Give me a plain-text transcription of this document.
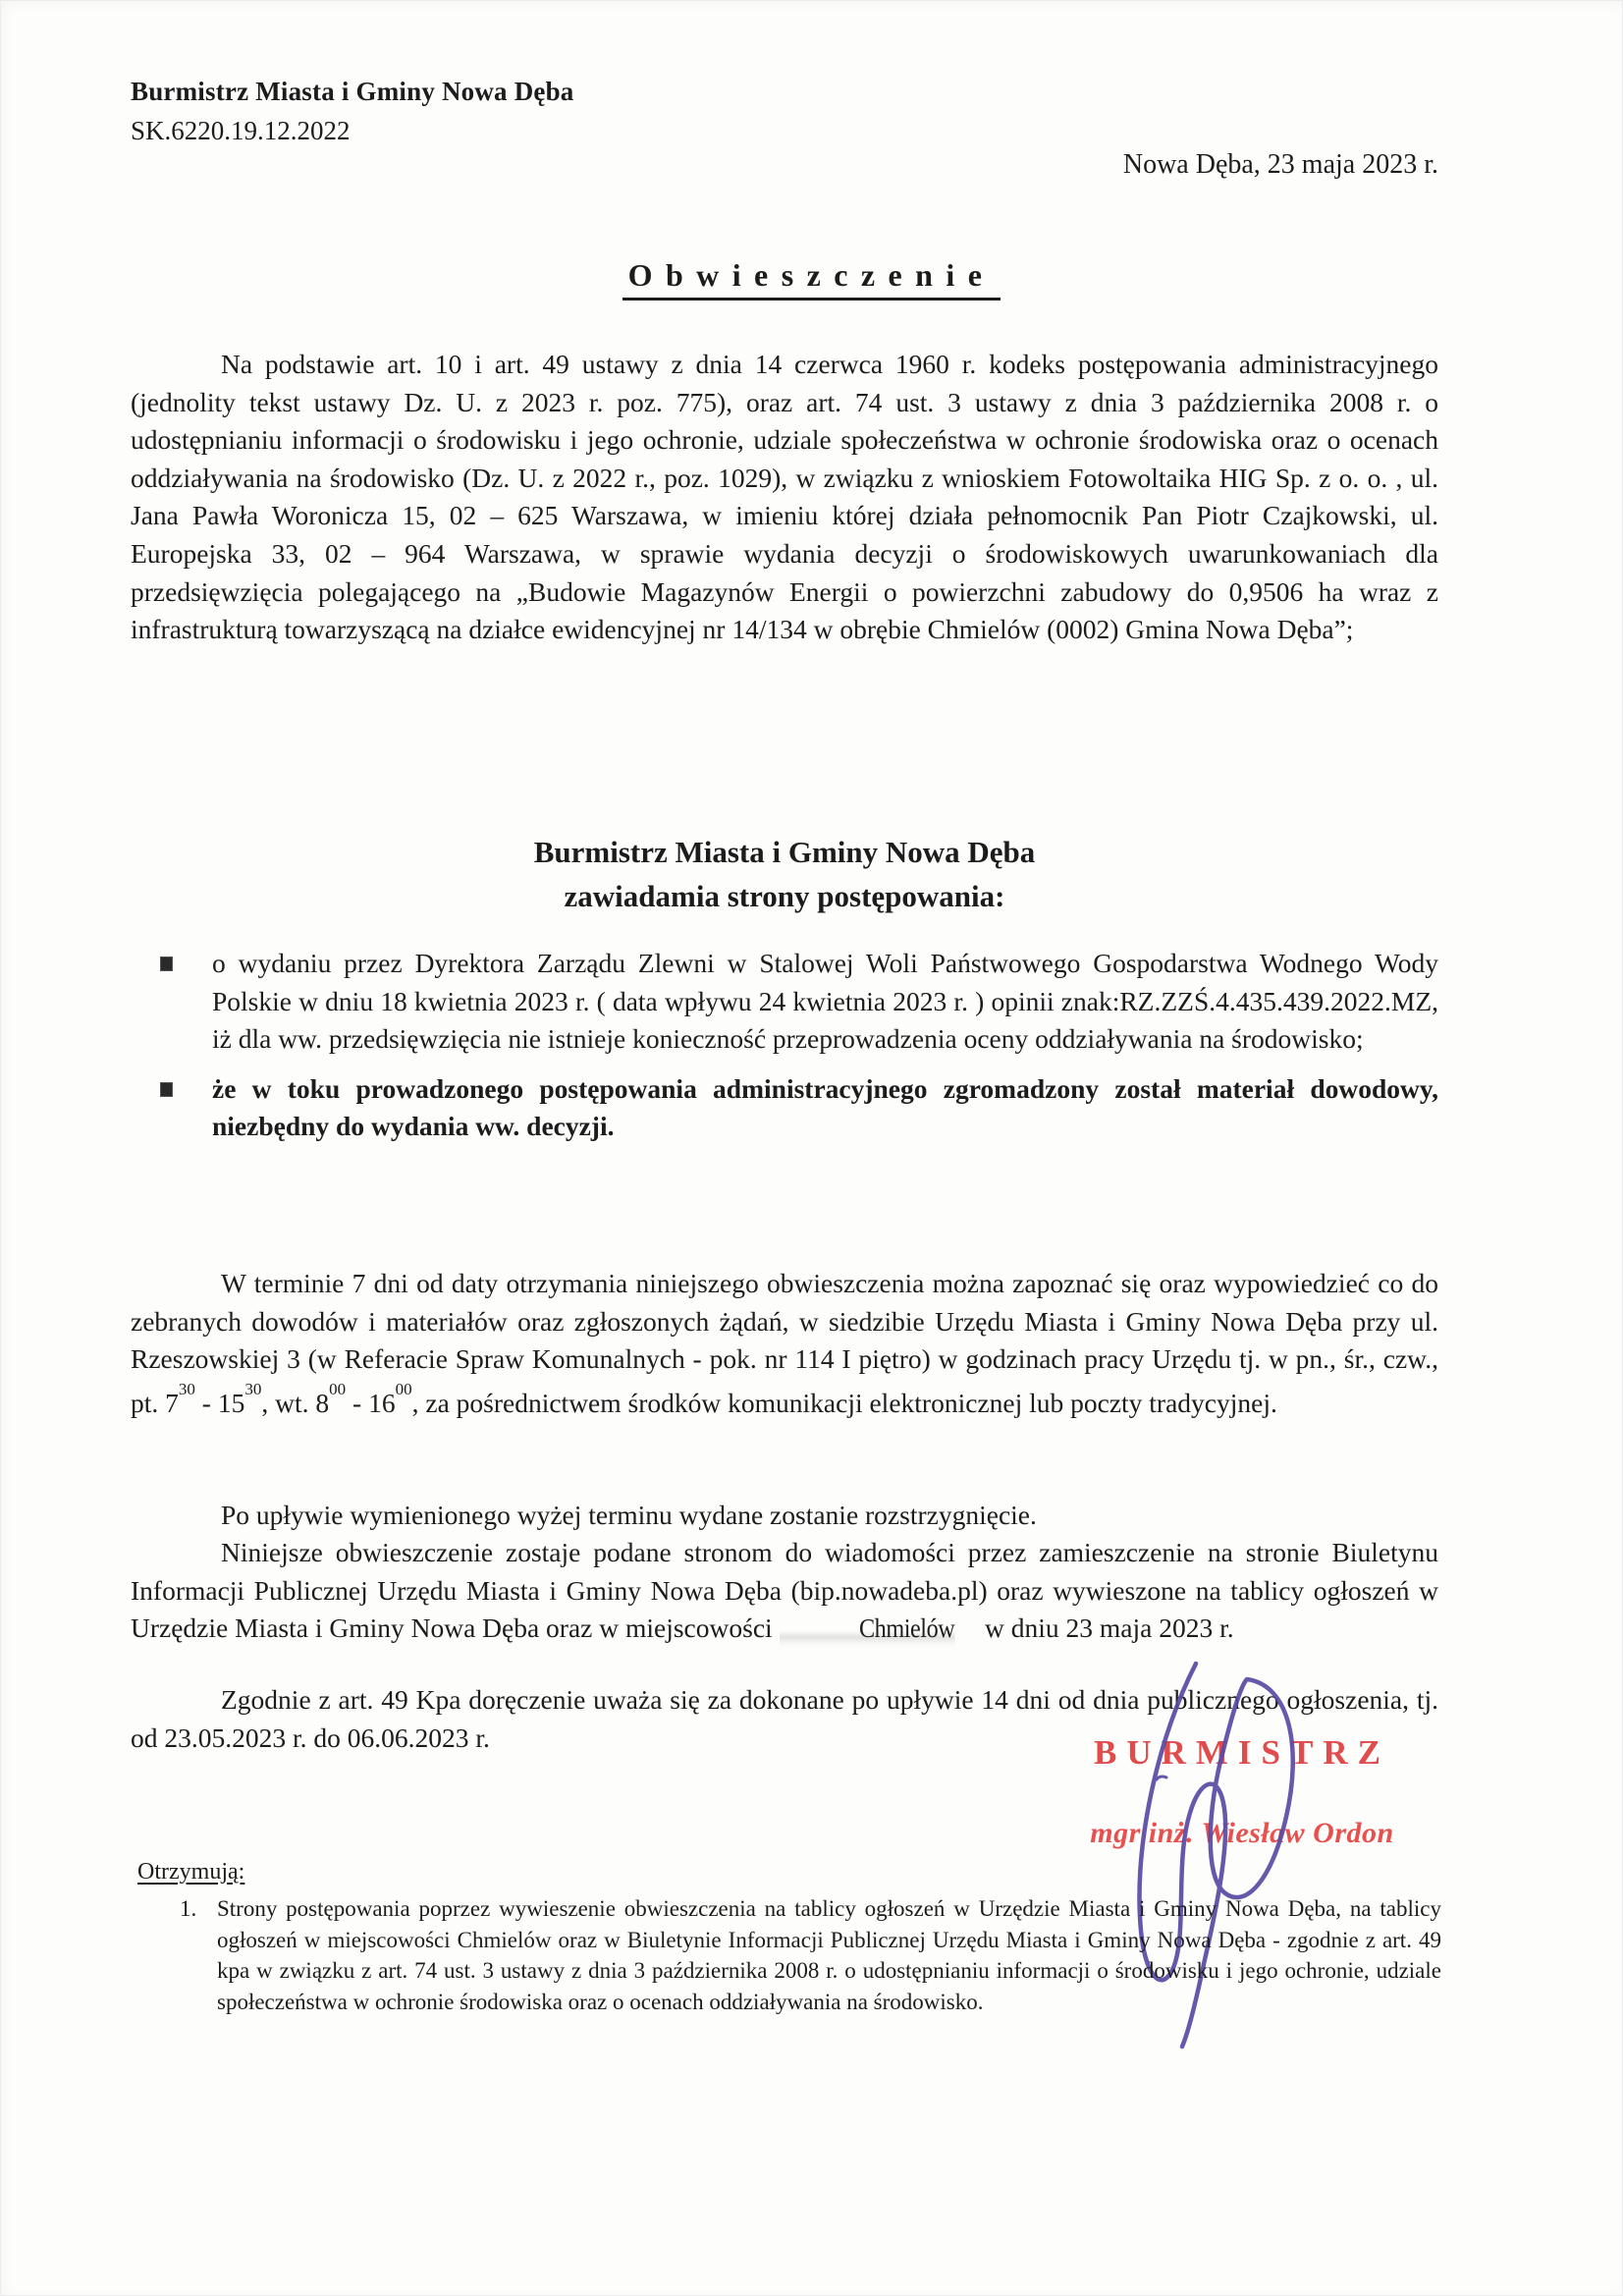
Burmistrz Miasta i Gminy Nowa Dęba
SK.6220.19.12.2022
Nowa Dęba, 23 maja 2023 r.
Obwieszczenie
Na podstawie art. 10 i art. 49 ustawy z dnia 14 czerwca 1960 r. kodeks postępowania administracyjnego (jednolity tekst ustawy Dz. U. z 2023 r. poz. 775), oraz art. 74 ust. 3 ustawy z dnia 3 października 2008 r. o udostępnianiu informacji o środowisku i jego ochronie, udziale społeczeństwa w ochronie środowiska oraz o ocenach oddziaływania na środowisko (Dz. U. z 2022 r., poz. 1029), w związku z wnioskiem Fotowoltaika HIG Sp. z o. o. , ul. Jana Pawła Woronicza 15, 02 – 625 Warszawa, w imieniu której działa pełnomocnik Pan Piotr Czajkowski, ul. Europejska 33, 02 – 964 Warszawa, w sprawie wydania decyzji o środowiskowych uwarunkowaniach dla przedsięwzięcia polegającego na „Budowie Magazynów Energii o powierzchni zabudowy do 0,9506 ha wraz z infrastrukturą towarzyszącą na działce ewidencyjnej nr 14/134 w obrębie Chmielów (0002) Gmina Nowa Dęba”;
Burmistrz Miasta i Gminy Nowa Dęba
zawiadamia strony postępowania:
o wydaniu przez Dyrektora Zarządu Zlewni w Stalowej Woli Państwowego Gospodarstwa Wodnego Wody Polskie w dniu 18 kwietnia 2023 r. ( data wpływu 24 kwietnia 2023 r. ) opinii znak:RZ.ZZŚ.4.435.439.2022.MZ, iż dla ww. przedsięwzięcia nie istnieje konieczność przeprowadzenia oceny oddziaływania na środowisko;
że w toku prowadzonego postępowania administracyjnego zgromadzony został materiał dowodowy, niezbędny do wydania ww. decyzji.
W terminie 7 dni od daty otrzymania niniejszego obwieszczenia można zapoznać się oraz wypowiedzieć co do zebranych dowodów i materiałów oraz zgłoszonych żądań, w siedzibie Urzędu Miasta i Gminy Nowa Dęba przy ul. Rzeszowskiej 3 (w Referacie Spraw Komunalnych - pok. nr 114 I piętro) w godzinach pracy Urzędu tj. w pn., śr., czw., pt. $7^{30} - 15^{30}$, wt. $8^{00} - 16^{00}$, za pośrednictwem środków komunikacji elektronicznej lub poczty tradycyjnej.
Po upływie wymienionego wyżej terminu wydane zostanie rozstrzygnięcie.
Niniejsze obwieszczenie zostaje podane stronom do wiadomości przez zamieszczenie na stronie Biuletynu Informacji Publicznej Urzędu Miasta i Gminy Nowa Dęba (bip.nowadeba.pl) oraz wywieszone na tablicy ogłoszeń w Urzędzie Miasta i Gminy Nowa Dęba oraz w miejscowości	Chmielów w dniu 23 maja 2023 r.
Zgodnie z art. 49 Kpa doręczenie uważa się za dokonane po upływie 14 dni od dnia publicznego ogłoszenia, tj. od 23.05.2023 r. do 06.06.2023 r.	BURMISTRZ
mgr inż. Wiesław Ordon
Otrzymują:
1. Strony postępowania poprzez wywieszenie obwieszczenia na tablicy ogłoszeń w Urzędzie Miasta i Gminy Nowa Dęba, na tablicy ogłoszeń w miejscowości Chmielów oraz w Biuletynie Informacji Publicznej Urzędu Miasta i Gminy Nowa Dęba - zgodnie z art. 49 kpa w związku z art. 74 ust. 3 ustawy z dnia 3 października 2008 r. o udostępnianiu informacji o środowisku i jego ochronie, udziale społeczeństwa w ochronie środowiska oraz o ocenach oddziaływania na środowisko.
